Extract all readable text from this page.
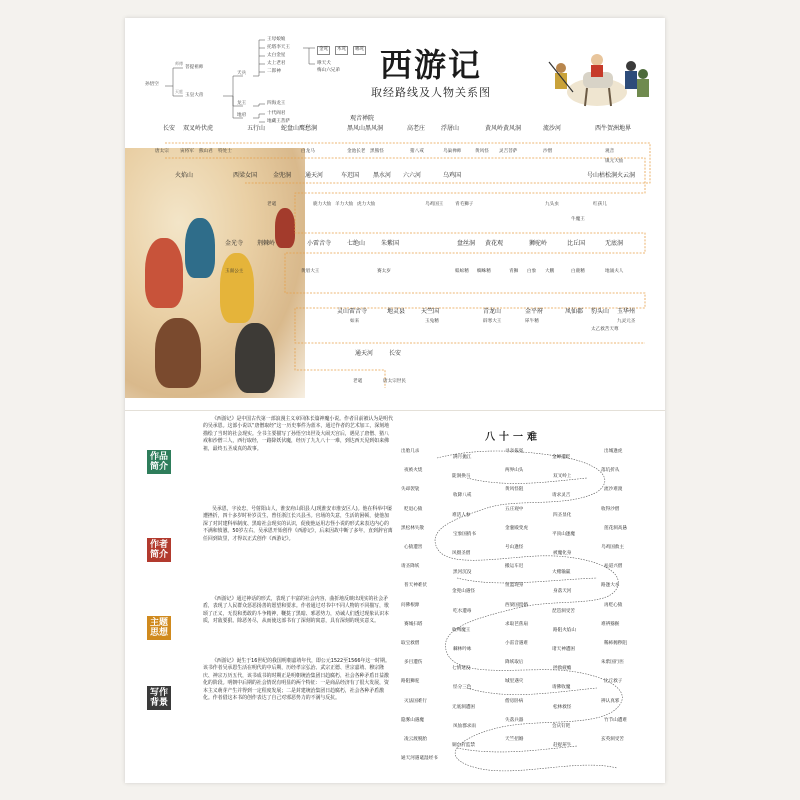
孙悟空
师傅
菩提祖师
天庭
玉皇大帝
天兵
龙王
地府
王母娘娘
托塔李天王
太白金星
太上老君
二郎神
四海龙王
十代阎君
地藏王菩萨
金吒	木吒	哪吒
哮天犬
梅山六兄弟 西游记
取经路线及人物关系图
长安 双叉岭伏虎	五行山	蛇盘山鹰愁涧
观音禅院
黑风山黑风洞	高老庄	浮屠山	黄风岭黄风洞	流沙河	西牛贺洲地界
唐太宗 寅将军 熊山君 特处士	白龙马	金池长老 黑熊怪	猪八戒	乌巢禅师	黄风怪 灵吉菩萨	沙僧	观音
镇元大仙
火焰山	西梁女国	金兜洞 通天河	车迟国 黑水河 六六河	乌鸡国	号山枯松涧火云洞
老鼋	鹿力大仙 羊力大仙 虎力大仙	乌鸡国王	青毛狮子	红孩儿
九头虫
牛魔王
金光寺 荆棘岭	小雷音寺	七绝山	朱紫国	盘丝洞 黄花观	狮驼岭	比丘国	无底洞
玉面公主	黄眉大王	赛太岁	蜈蚣精 蜘蛛精	青狮 白象 大鹏	白鹿精	地涌夫人
灵山雷音寺	地灵县	天竺国	青龙山	金平府	凤仙郡 豹头山 玉华州
如来	玉兔精	辟寒大王	犀牛精	九灵元圣
太乙救苦天尊
通天河	长安
老鼋	唐太宗世民
作品简介
《西游记》是中国古代第一部浪漫主义章回体长篇神魔小说。作者目前被认为是明代的吴承恩。这部小说以“唐僧取经”这一历史事件为蓝本，通过作者的艺术加工，深刻地描绘了当时的社会现实。全书主要描写了孙悟空出世及大闹天宫后，遇见了唐僧、猪八戒和沙僧三人，西行取经，一路降妖伏魔，经历了九九八十一难，到达西天见到如来佛祖，最终五圣成真的故事。
作者简介
吴承恩，字汝忠，号射阳山人，淮安府山阳县人(现淮安市淮安区人)。他在科举中屡遭挫折，四十多岁时补岁贡生，曾任浙江长兴县丞。官场的失意，生活的困顿，使他加深了对封建科举制度、黑暗社会现实的认识，促使他运用志怪小说的形式来表达内心的不满和愤懑。50岁左右，吴承恩开始创作《西游记》，后来因故中断了多年，直到辞官离任回到故里，才得以正式创作《西游记》。
主题思想
《西游记》通过神话的形式，表现了丰富的社会内容，曲折地反映出现实的社会矛盾，表现了人民群众惩恶扬善的愿望和要求。作者通过对书中不同人物的不同描写，歌颂了正义，无畏和勇敢的斗争精神，鞭挞了黑暗、邪恶势力，劝诫人们透过现象认识本质，对敌要狠、除恶务尽，从而使这部书有了深刻的寓意，具有深刻的现实意义。
写作背景
《西游记》诞生于16世纪的我国明朝嘉靖年代，即公元1522至1566年这一时期。该书作者吴承恩生活在明代的中后期，历经孝宗弘治、武宗正德、世宗嘉靖、穆宗隆庆、神宗万历五代，该书成书的时期正是明朝统治集团日趋腐朽，社会各种矛盾日益激化的阶段。明朝中后期的社会情况有明显的两个特征：一是商品经济有了很大发展，资本主义萌芽产生并得到一定程度发展；二是封建统治集团日趋腐朽，社会各种矛盾激化。作者借这本书的创作表达了自己对邪恶势力的不满与反抗。
八十一难
出胎几杀
满月抛江
寻亲报冤
金蝉遭贬
出城逢虎
落坑折从
双叉岭上
两界山头
陡涧换马
夜被火烧
失却袈裟
收降八戒
黄风怪阻
请求灵吉
流沙难渡
收得沙僧
四圣显化
五庄观中
难活人参
贬退心猿
黑松林失散
宝象国捎书
金銮殿变虎
平顶山逢魔
莲花洞高悬
乌鸡国救主
被魔化身
号山逢怪
风摄圣僧
心猿遭害
请圣降妖
黑河沉没
搬运车迟
大赌输赢
祛道兴僧
路逢大水
身落天河
鱼篮现身
金兜山遇怪
普天神难伏
问佛根源
吃水遭毒
西梁国留婚
琵琶洞受苦
再贬心猿
难辨猕猴
路阻火焰山
求取芭蕉扇
收缚魔王
赛城扫塔
取宝救僧
棘林吟咏
小雷音遇难
诸天神遭困
稀柿衕秽阻
朱紫国行医
拯救疲癃
降妖取后
七情迷没
多目遭伤
路阻狮驼
怪分三色
城里遇灾
请佛收魔
比丘救子
辨认真邪
松林救怪
僧房卧病
无底洞遭困
灭法国难行
隐雾山遇魔
凤仙郡求雨
失落兵器
会庆钉钯
竹节山遭难
玄英洞受苦
赶捉犀牛
天竺招婚
铜台府监禁
凌云渡脱胎
通天河遇鼋湿经书
